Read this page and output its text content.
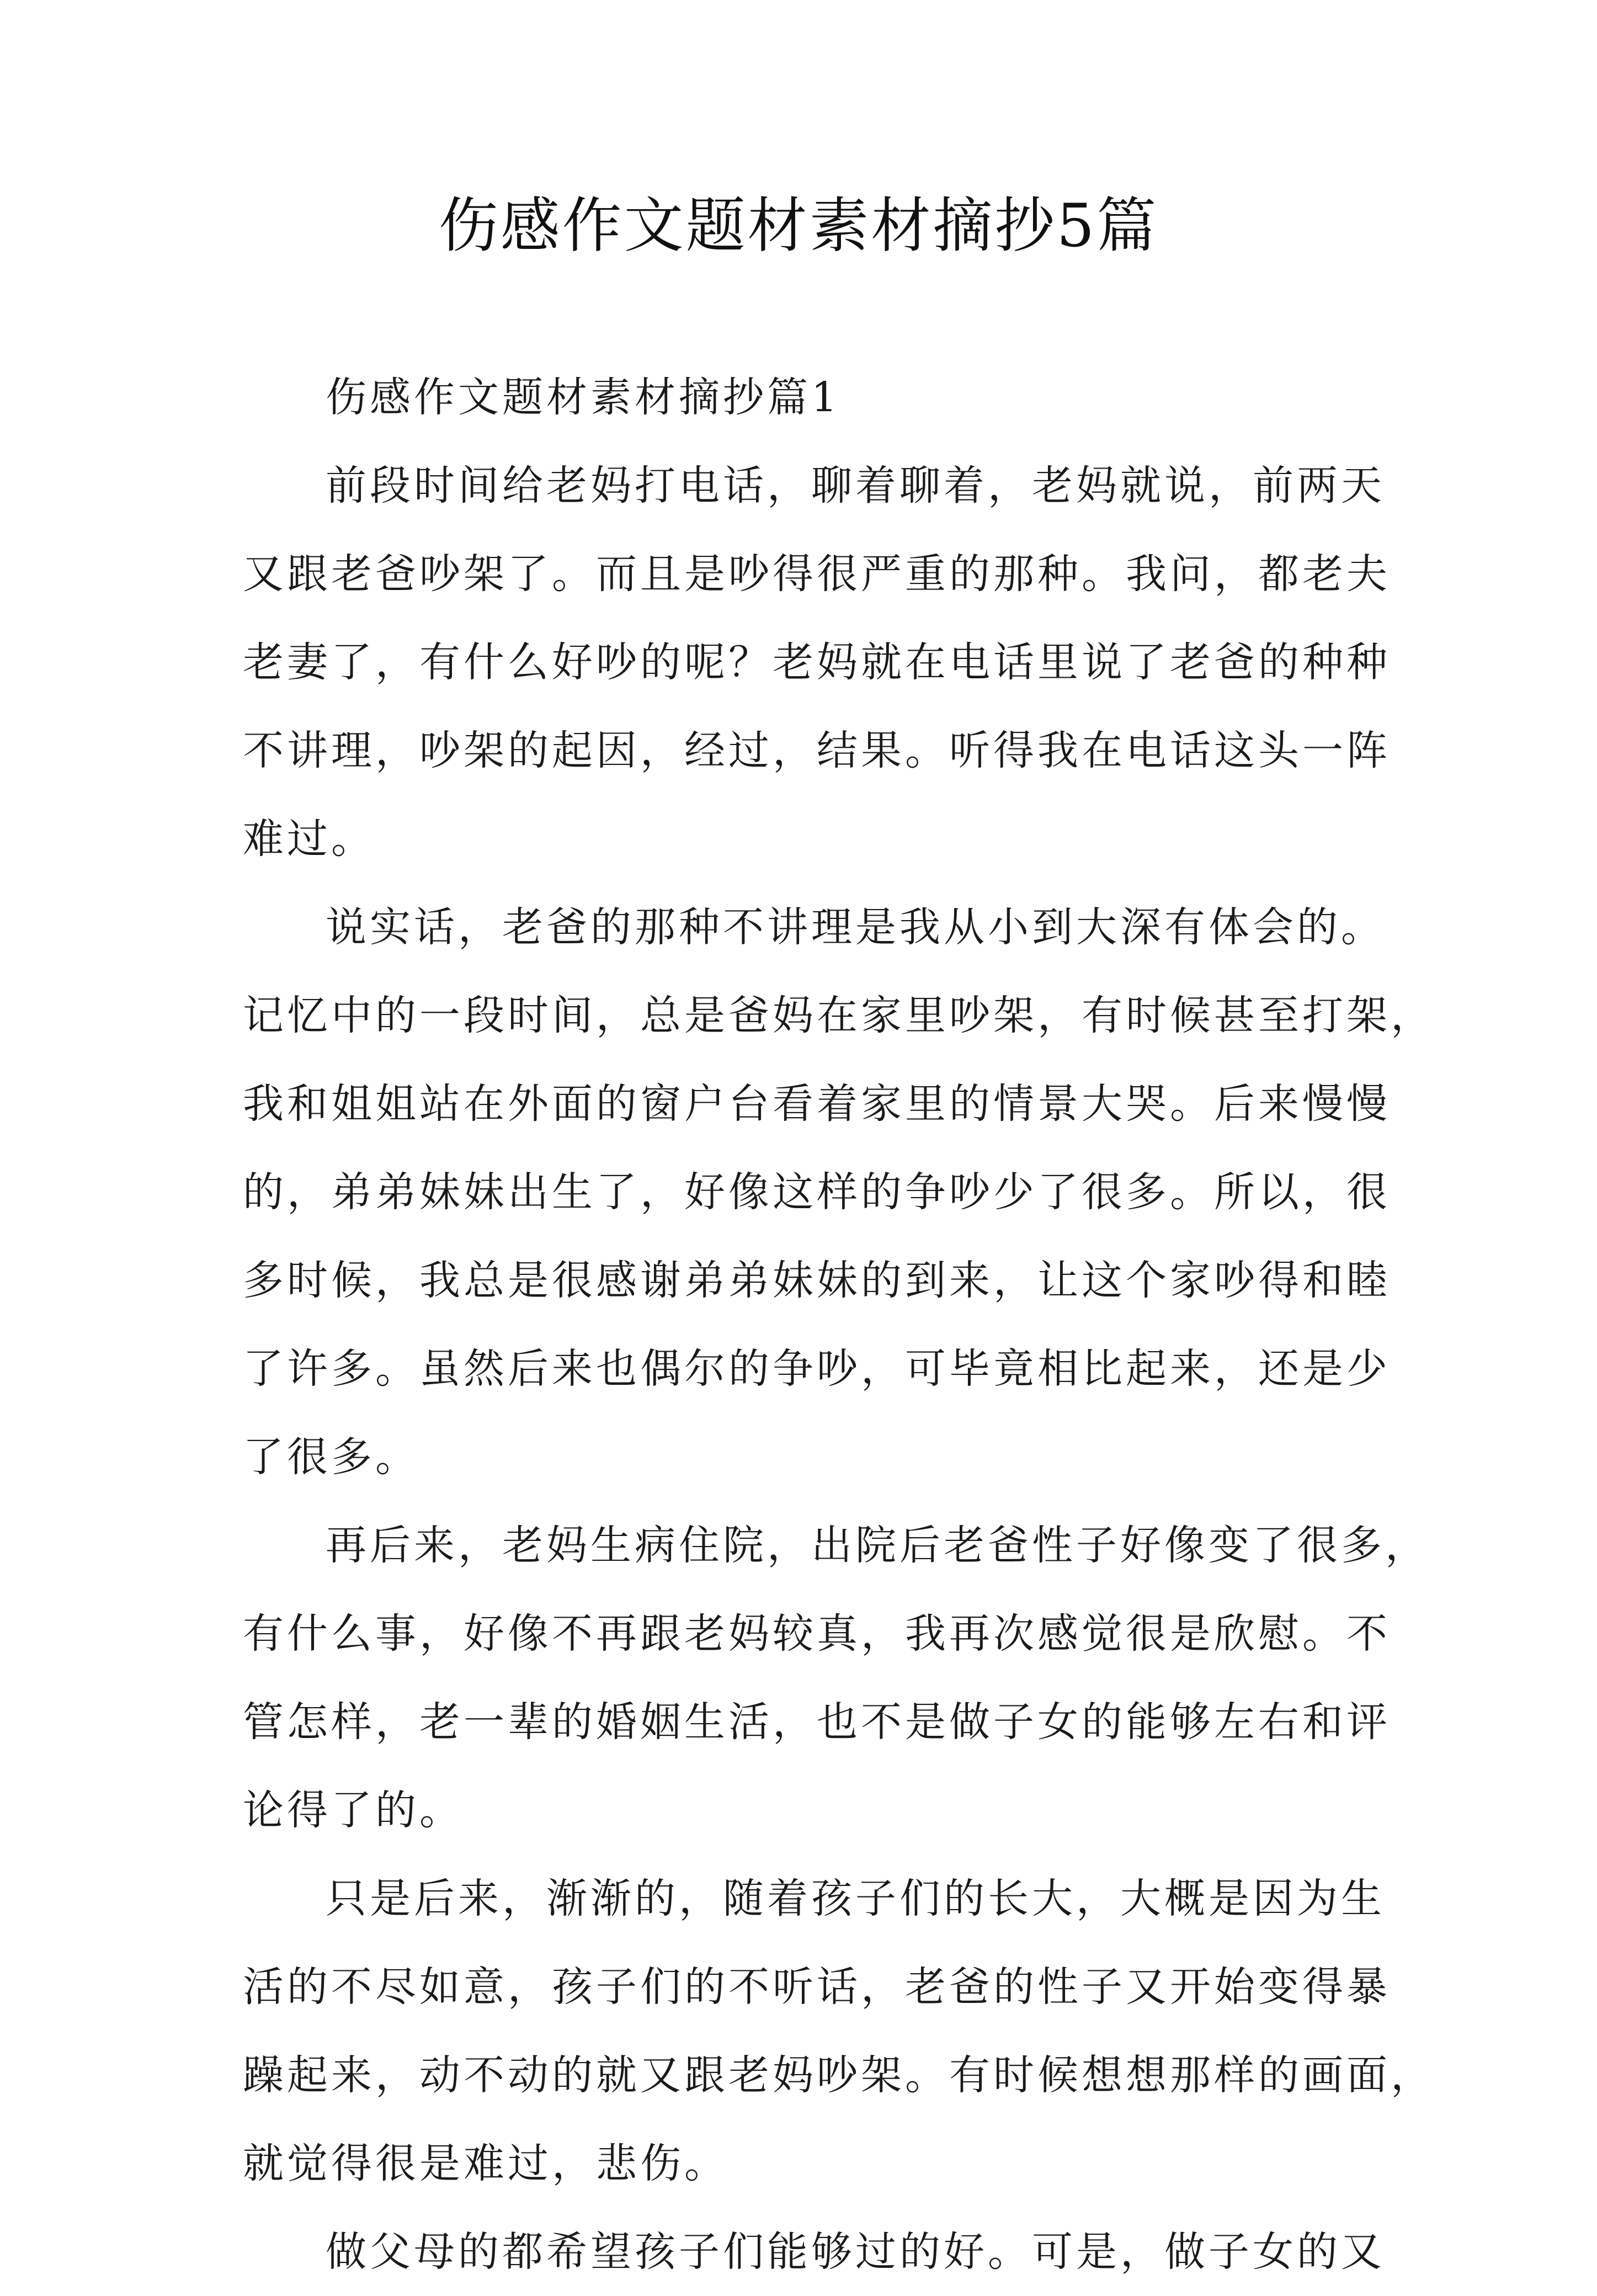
伤感作文题材素材摘抄5篇
伤感作文题材素材摘抄篇1
前段时间给老妈打电话，聊着聊着，老妈就说，前两天
又跟老爸吵架了。而且是吵得很严重的那种。我问，都老夫
老妻了，有什么好吵的呢？老妈就在电话里说了老爸的种种
不讲理，吵架的起因，经过，结果。听得我在电话这头一阵
难过。
说实话，老爸的那种不讲理是我从小到大深有体会的。
记忆中的一段时间，总是爸妈在家里吵架，有时候甚至打架，
我和姐姐站在外面的窗户台看着家里的情景大哭。后来慢慢
的，弟弟妹妹出生了，好像这样的争吵少了很多。所以，很
多时候，我总是很感谢弟弟妹妹的到来，让这个家吵得和睦
了许多。虽然后来也偶尔的争吵，可毕竟相比起来，还是少
了很多。
再后来，老妈生病住院，出院后老爸性子好像变了很多，
有什么事，好像不再跟老妈较真，我再次感觉很是欣慰。不
管怎样，老一辈的婚姻生活，也不是做子女的能够左右和评
论得了的。
只是后来，渐渐的，随着孩子们的长大，大概是因为生
活的不尽如意，孩子们的不听话，老爸的性子又开始变得暴
躁起来，动不动的就又跟老妈吵架。有时候想想那样的画面，
就觉得很是难过，悲伤。
做父母的都希望孩子们能够过的好。可是，做子女的又
